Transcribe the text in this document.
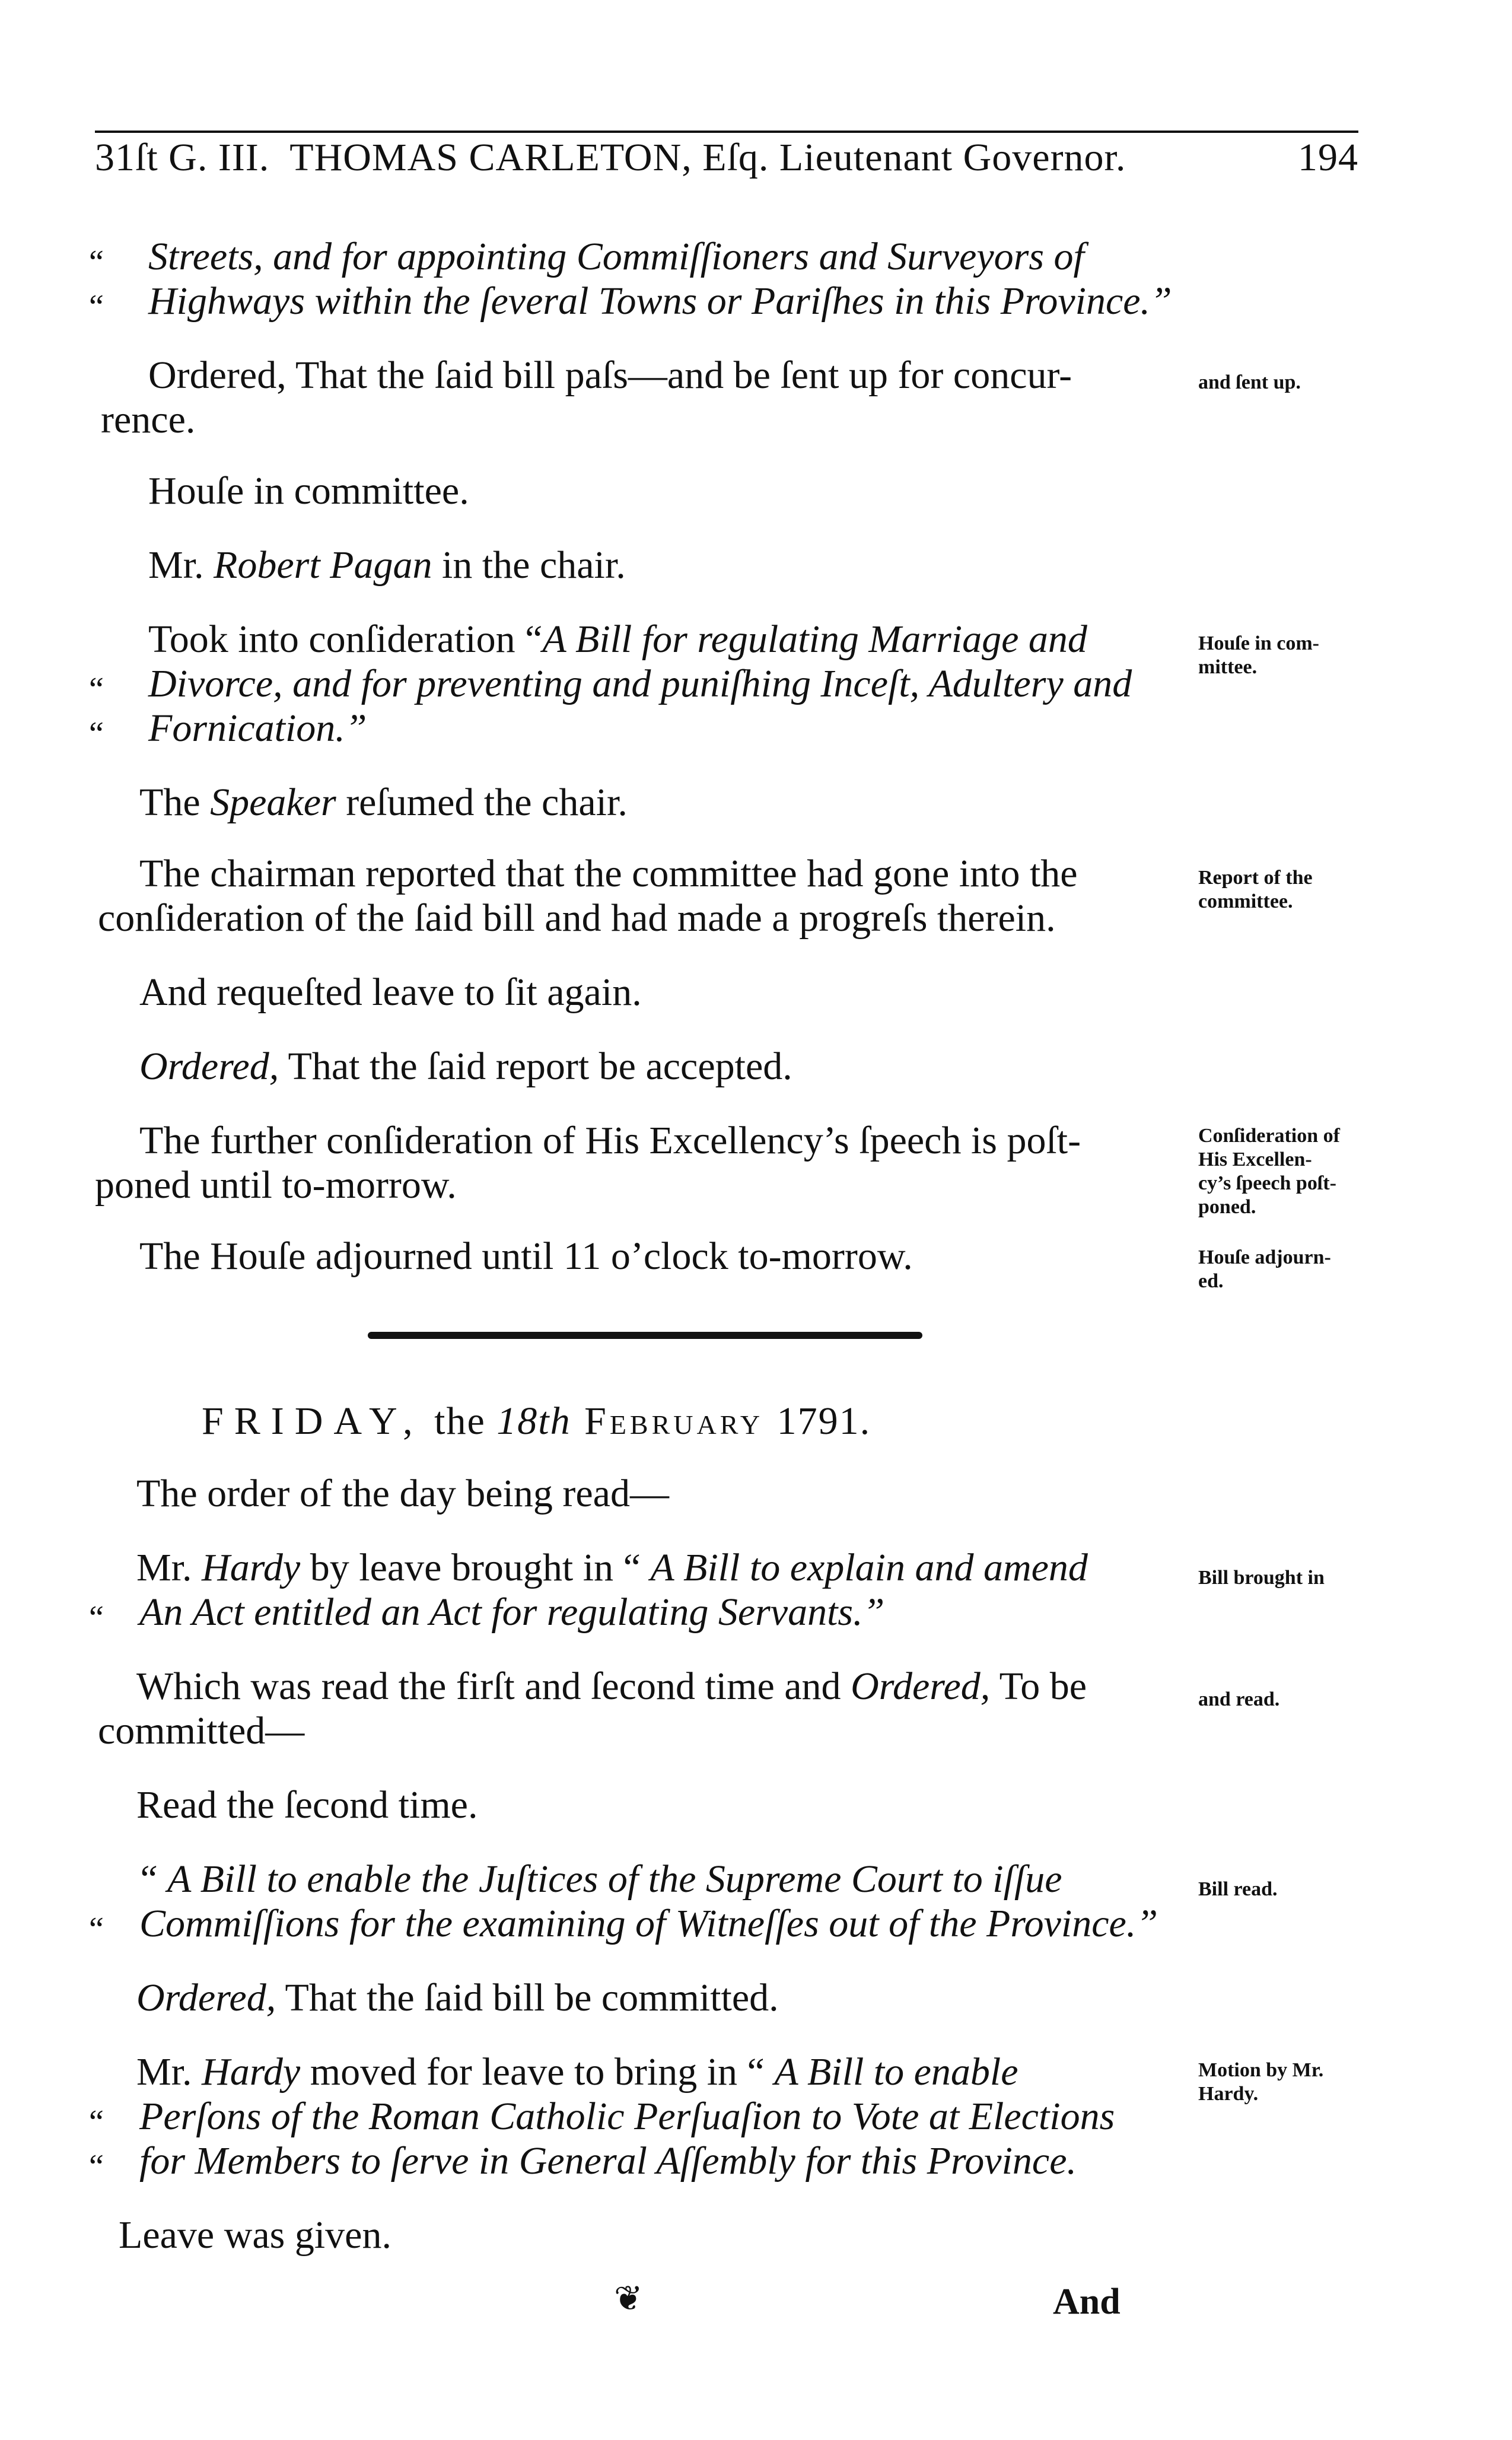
31ſt G. III. THOMAS CARLETON, Eſq. Lieutenant Governor.	194
“ Streets, and for appointing Commiſſioners and Surveyors of
“ Highways within the ſeveral Towns or Pariſhes in this Province.”
Ordered, That the ſaid bill paſs—and be ſent up for concur-
rence.
and ſent up.
Houſe in committee.
Mr. Robert Pagan in the chair.
Took into conſideration “A Bill for regulating Marriage and
“ Divorce, and for preventing and puniſhing Inceſt, Adultery and
“ Fornication.”
Houſe in com-
mittee.
The Speaker reſumed the chair.
The chairman reported that the committee had gone into the
conſideration of the ſaid bill and had made a progreſs therein.
Report of the
committee.
And requeſted leave to ſit again.
Ordered, That the ſaid report be accepted.
The further conſideration of His Excellency’s ſpeech is poſt-
poned until to-morrow.
Conſideration of
His Excellen-
cy’s ſpeech poſt-
poned.
The Houſe adjourned until 11 o’clock to-morrow.	Houſe adjourn-
ed.
FRIDAY, the 18th February 1791.
The order of the day being read—
Mr. Hardy by leave brought in “ A Bill to explain and amend
“ An Act entitled an Act for regulating Servants.”
Bill brought in
Which was read the firſt and ſecond time and Ordered, To be
committed—
and read.
Read the ſecond time.
“ A Bill to enable the Juſtices of the Supreme Court to iſſue
“ Commiſſions for the examining of Witneſſes out of the Province.”
Bill read.
Ordered, That the ſaid bill be committed.
Mr. Hardy moved for leave to bring in “ A Bill to enable
“ Perſons of the Roman Catholic Perſuaſion to Vote at Elections
“ for Members to ſerve in General Aſſembly for this Province.
Motion by Mr.
Hardy.
Leave was given.
❦	And
